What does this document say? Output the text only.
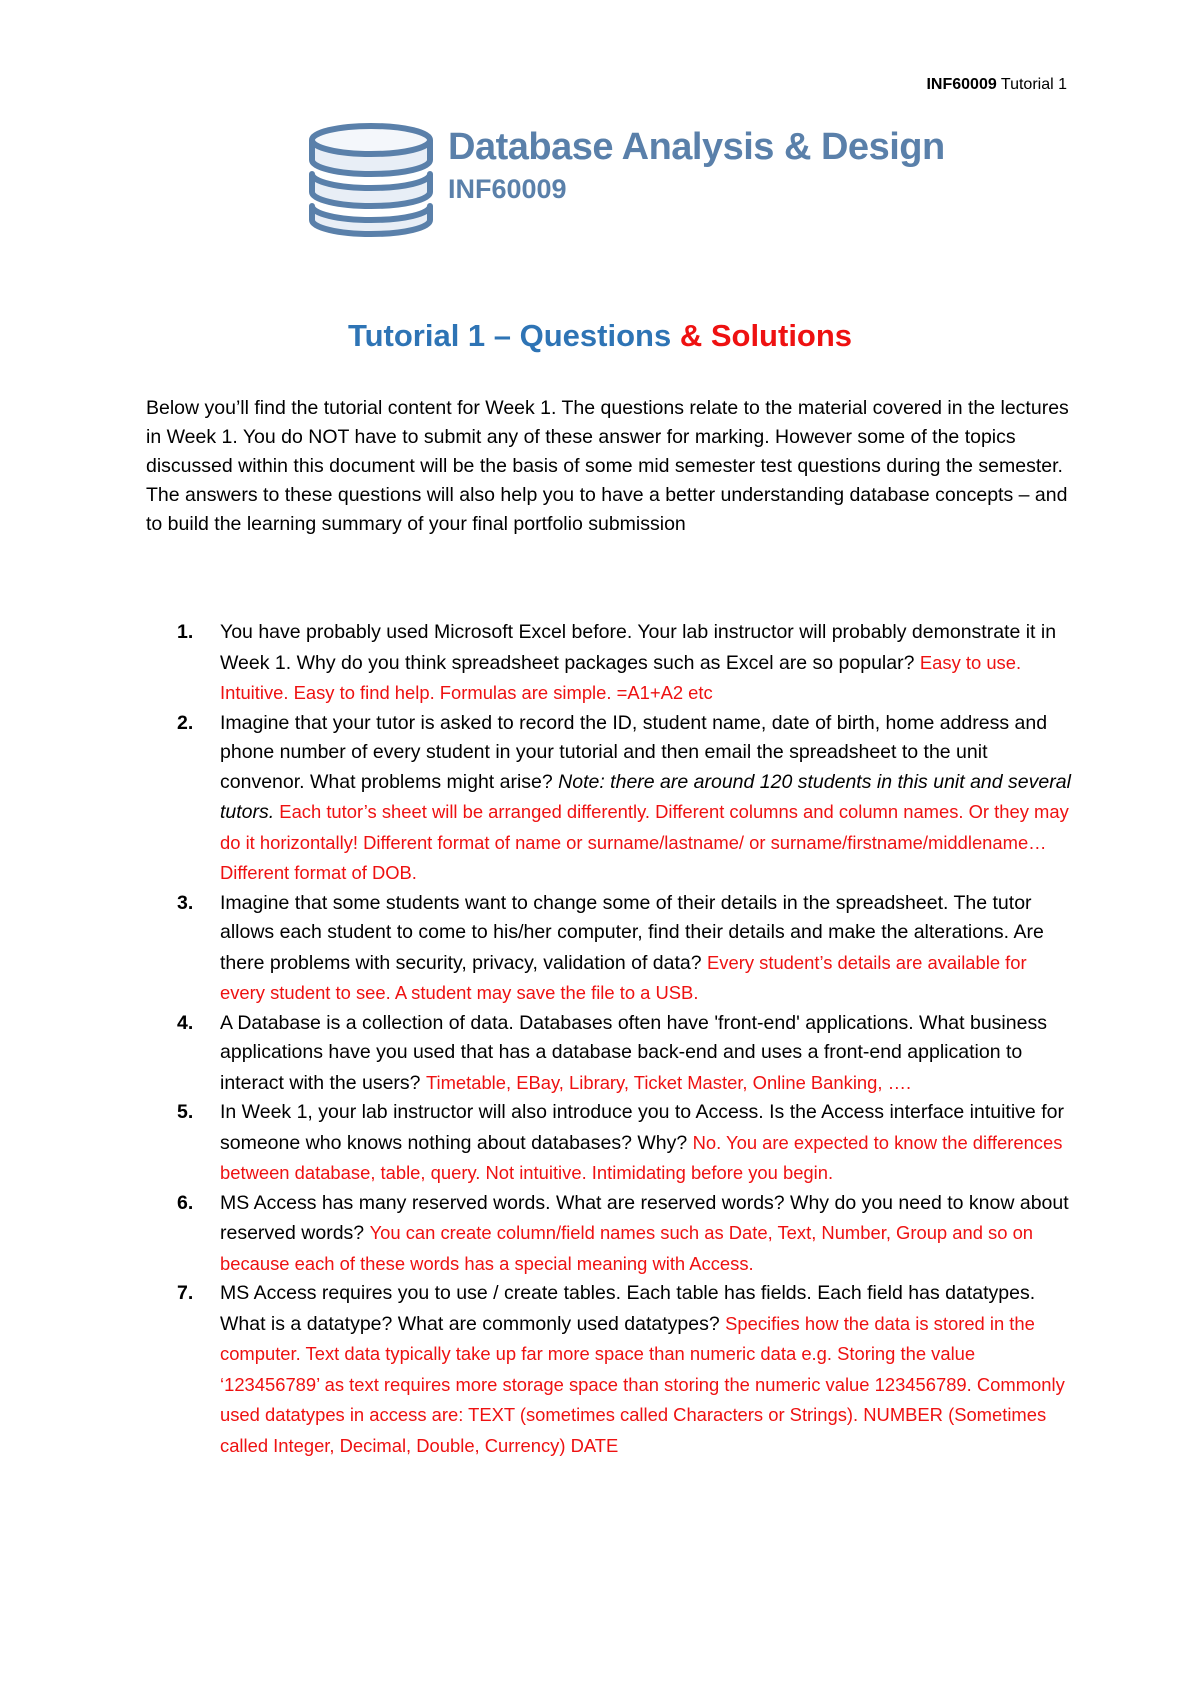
INF60009 Tutorial 1
Database Analysis & Design
INF60009
Tutorial 1 – Questions & Solutions

Below you’ll find the tutorial content for Week 1. The questions relate to the material covered in the lectures in Week 1. You do NOT have to submit any of these answer for marking. However some of the topics discussed within this document will be the basis of some mid semester test questions during the semester. The answers to these questions will also help you to have a better understanding database concepts – and to build the learning summary of your final portfolio submission

1. You have probably used Microsoft Excel before. Your lab instructor will probably demonstrate it in Week 1. Why do you think spreadsheet packages such as Excel are so popular? Easy to use. Intuitive. Easy to find help. Formulas are simple. =A1+A2 etc
2. Imagine that your tutor is asked to record the ID, student name, date of birth, home address and phone number of every student in your tutorial and then email the spreadsheet to the unit convenor. What problems might arise? Note: there are around 120 students in this unit and several tutors. Each tutor’s sheet will be arranged differently. Different columns and column names. Or they may do it horizontally! Different format of name or surname/lastname/ or surname/firstname/middlename… Different format of DOB.
3. Imagine that some students want to change some of their details in the spreadsheet. The tutor allows each student to come to his/her computer, find their details and make the alterations. Are there problems with security, privacy, validation of data? Every student’s details are available for every student to see. A student may save the file to a USB.
4. A Database is a collection of data. Databases often have 'front-end' applications. What business applications have you used that has a database back-end and uses a front-end application to interact with the users? Timetable, EBay, Library, Ticket Master, Online Banking, ….
5. In Week 1, your lab instructor will also introduce you to Access. Is the Access interface intuitive for someone who knows nothing about databases? Why? No. You are expected to know the differences between database, table, query. Not intuitive. Intimidating before you begin.
6. MS Access has many reserved words. What are reserved words? Why do you need to know about reserved words? You can create column/field names such as Date, Text, Number, Group and so on because each of these words has a special meaning with Access.
7. MS Access requires you to use / create tables. Each table has fields. Each field has datatypes. What is a datatype? What are commonly used datatypes? Specifies how the data is stored in the computer. Text data typically take up far more space than numeric data e.g. Storing the value ‘123456789’ as text requires more storage space than storing the numeric value 123456789. Commonly used datatypes in access are: TEXT (sometimes called Characters or Strings). NUMBER (Sometimes called Integer, Decimal, Double, Currency) DATE
